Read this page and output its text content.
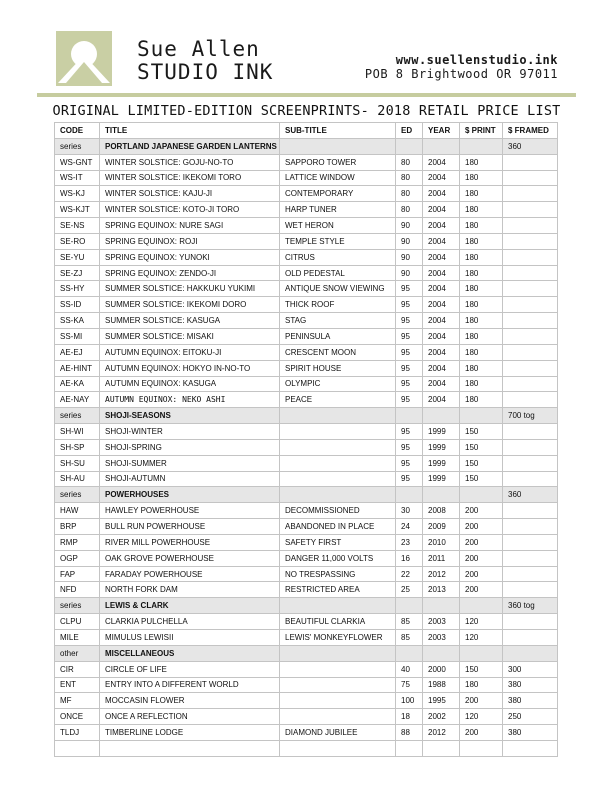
Sue Allen
STUDIO INK	www.suellenstudio.ink
POB 8 Brightwood OR 97011
ORIGINAL LIMITED-EDITION SCREENPRINTS- 2018 RETAIL PRICE LIST
CODE	TITLE	SUB-TITLE	ED	YEAR	$ PRINT	$ FRAMED
series	PORTLAND JAPANESE GARDEN LANTERNS					360
WS-GNT	WINTER SOLSTICE: GOJU-NO-TO	SAPPORO TOWER	80	2004	180	
WS-IT	WINTER SOLSTICE: IKEKOMI TORO	LATTICE WINDOW	80	2004	180	
WS-KJ	WINTER SOLSTICE: KAJU-JI	CONTEMPORARY	80	2004	180	
WS-KJT	WINTER SOLSTICE: KOTO-JI TORO	HARP TUNER	80	2004	180	
SE-NS	SPRING EQUINOX: NURE SAGI	WET HERON	90	2004	180	
SE-RO	SPRING EQUINOX: ROJI	TEMPLE STYLE	90	2004	180	
SE-YU	SPRING EQUINOX: YUNOKI	CITRUS	90	2004	180	
SE-ZJ	SPRING EQUINOX: ZENDO-JI	OLD PEDESTAL	90	2004	180	
SS-HY	SUMMER SOLSTICE: HAKKUKU YUKIMI	ANTIQUE SNOW VIEWING	95	2004	180	
SS-ID	SUMMER SOLSTICE: IKEKOMI DORO	THICK ROOF	95	2004	180	
SS-KA	SUMMER SOLSTICE: KASUGA	STAG	95	2004	180	
SS-MI	SUMMER SOLSTICE: MISAKI	PENINSULA	95	2004	180	
AE-EJ	AUTUMN EQUINOX: EITOKU-JI	CRESCENT MOON	95	2004	180	
AE-HINT	AUTUMN EQUINOX: HOKYO IN-NO-TO	SPIRIT HOUSE	95	2004	180	
AE-KA	AUTUMN EQUINOX: KASUGA	OLYMPIC	95	2004	180	
AE-NAY	AUTUMN EQUINOX: NEKO ASHI	PEACE	95	2004	180	
series	SHOJI-SEASONS					700 tog
SH-WI	SHOJI-WINTER		95	1999	150	
SH-SP	SHOJI-SPRING		95	1999	150	
SH-SU	SHOJI-SUMMER		95	1999	150	
SH-AU	SHOJI-AUTUMN		95	1999	150	
series	POWERHOUSES					360
HAW	HAWLEY POWERHOUSE	DECOMMISSIONED	30	2008	200	
BRP	BULL RUN POWERHOUSE	ABANDONED IN PLACE	24	2009	200	
RMP	RIVER MILL POWERHOUSE	SAFETY FIRST	23	2010	200	
OGP	OAK GROVE POWERHOUSE	DANGER 11,000 VOLTS	16	2011	200	
FAP	FARADAY POWERHOUSE	NO TRESPASSING	22	2012	200	
NFD	NORTH FORK DAM	RESTRICTED AREA	25	2013	200	
series	LEWIS & CLARK					360 tog
CLPU	CLARKIA PULCHELLA	BEAUTIFUL CLARKIA	85	2003	120	
MILE	MIMULUS LEWISII	LEWIS' MONKEYFLOWER	85	2003	120	
other	MISCELLANEOUS					
CIR	CIRCLE OF LIFE		40	2000	150	300
ENT	ENTRY INTO A DIFFERENT WORLD		75	1988	180	380
MF	MOCCASIN FLOWER		100	1995	200	380
ONCE	ONCE A REFLECTION		18	2002	120	250
TLDJ	TIMBERLINE LODGE	DIAMOND JUBILEE	88	2012	200	380
